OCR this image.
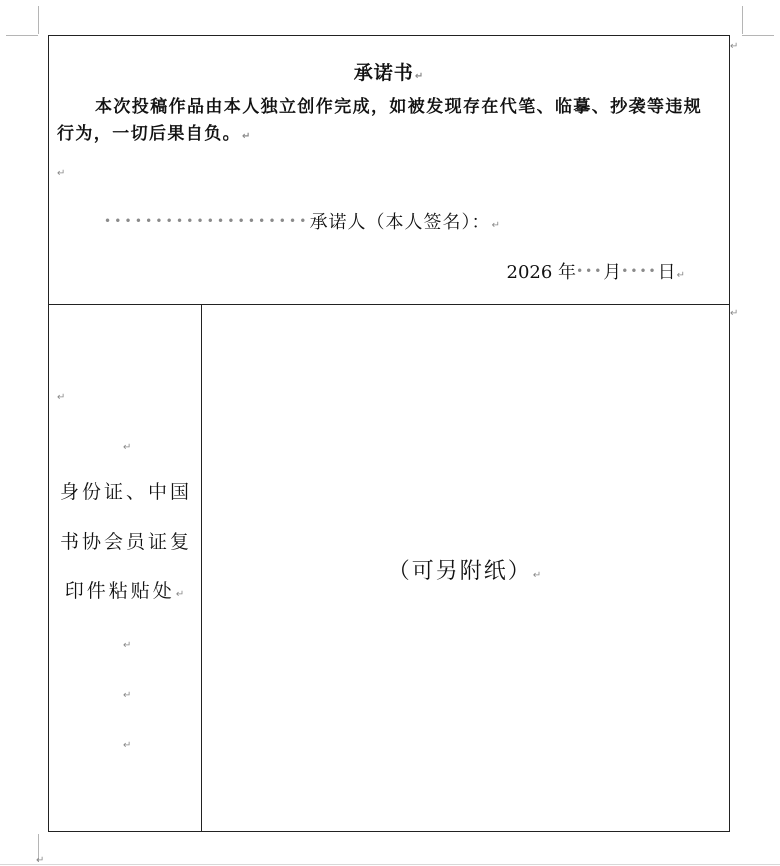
↵
↵
↵
承诺书↵
本次投稿作品由本人独立创作完成，如被发现存在代笔、临摹、抄袭等违规行为，一切后果自负。↵
↵
••••••••••••••••••••承诺人（本人签名）：↵
2026 年•••月••••日↵
↵
↵
身份证、中国
书协会员证复
印件粘贴处↵
↵
↵
↵
（可另附纸）↵
